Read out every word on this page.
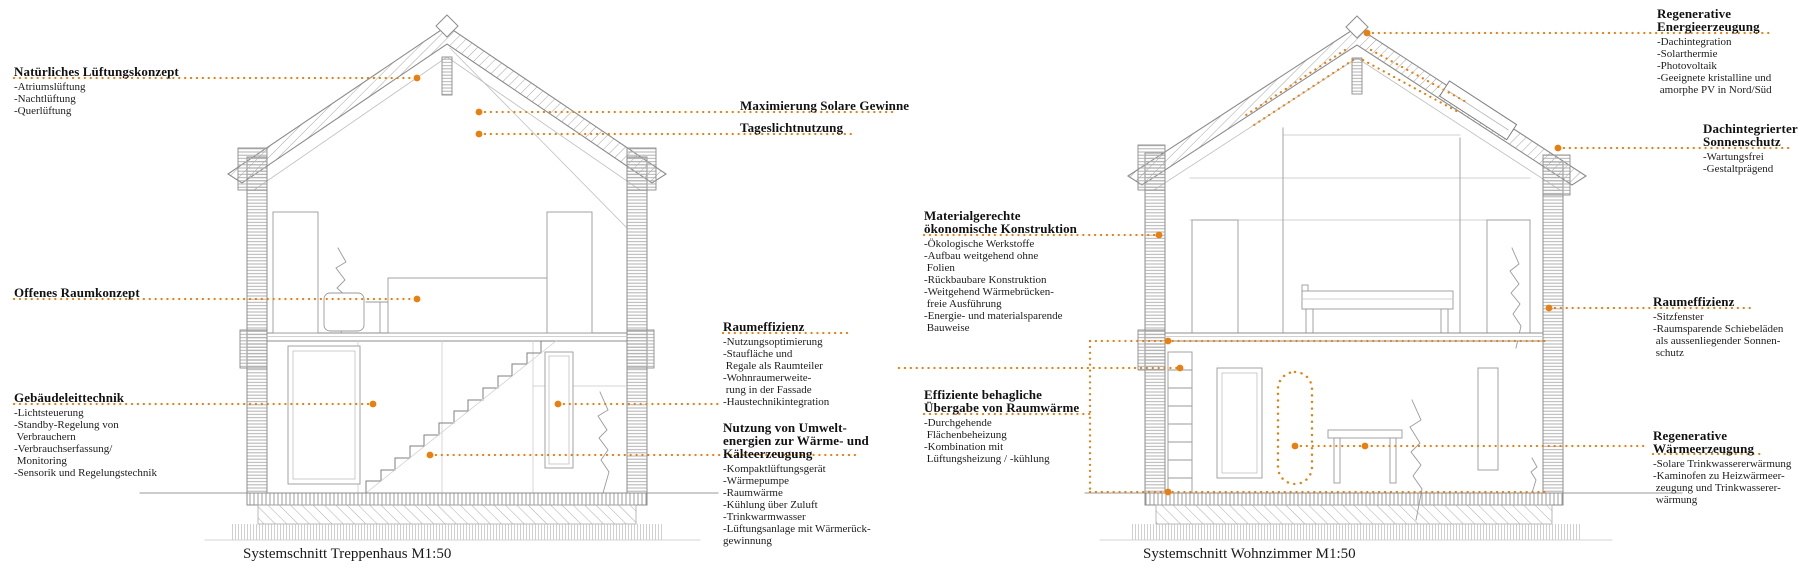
Natürliches Lüftungskonzept
-Atriumslüftung
-Nachtlüftung
-Querlüftung
Offenes Raumkonzept
Gebäudeleittechnik
-Lichtsteuerung
-Standby-Regelung von
Verbrauchern
-Verbrauchserfassung/
Monitoring
-Sensorik und Regelungstechnik
Maximierung Solare Gewinne
Tageslichtnutzung
Raumeffizienz
-Nutzungsoptimierung
-Staufläche und
Regale als Raumteiler
-Wohnraumerweite-
rung in der Fassade
-Haustechnikintegration
Nutzung von Umwelt-
energien zur Wärme- und
Kälteerzeugung
-Kompaktlüftungsgerät
-Wärmepumpe
-Raumwärme
-Kühlung über Zuluft
-Trinkwarmwasser
-Lüftungsanlage mit Wärmerück-
gewinnung
Materialgerechte
ökonomische Konstruktion
-Ökologische Werkstoffe
-Aufbau weitgehend ohne
Folien
-Rückbaubare Konstruktion
-Weitgehend Wärmebrücken-
freie Ausführung
-Energie- und materialsparende
Bauweise
Effiziente behagliche
Übergabe von Raumwärme
-Durchgehende
Flächenbeheizung
-Kombination mit
Lüftungsheizung / -kühlung
Regenerative
Energieerzeugung
-Dachintegration
-Solarthermie
-Photovoltaik
-Geeignete kristalline und
amorphe PV in Nord/Süd
Dachintegrierter
Sonnenschutz
-Wartungsfrei
-Gestaltprägend
Raumeffizienz
-Sitzfenster
-Raumsparende Schiebeläden
als aussenliegender Sonnen-
schutz
Regenerative
Wärmeerzeugung
-Solare Trinkwassererwärmung
-Kaminofen zu Heizwärmeer-
zeugung und Trinkwasserer-
wärmung
Systemschnitt Treppenhaus M1:50	Systemschnitt Wohnzimmer M1:50
